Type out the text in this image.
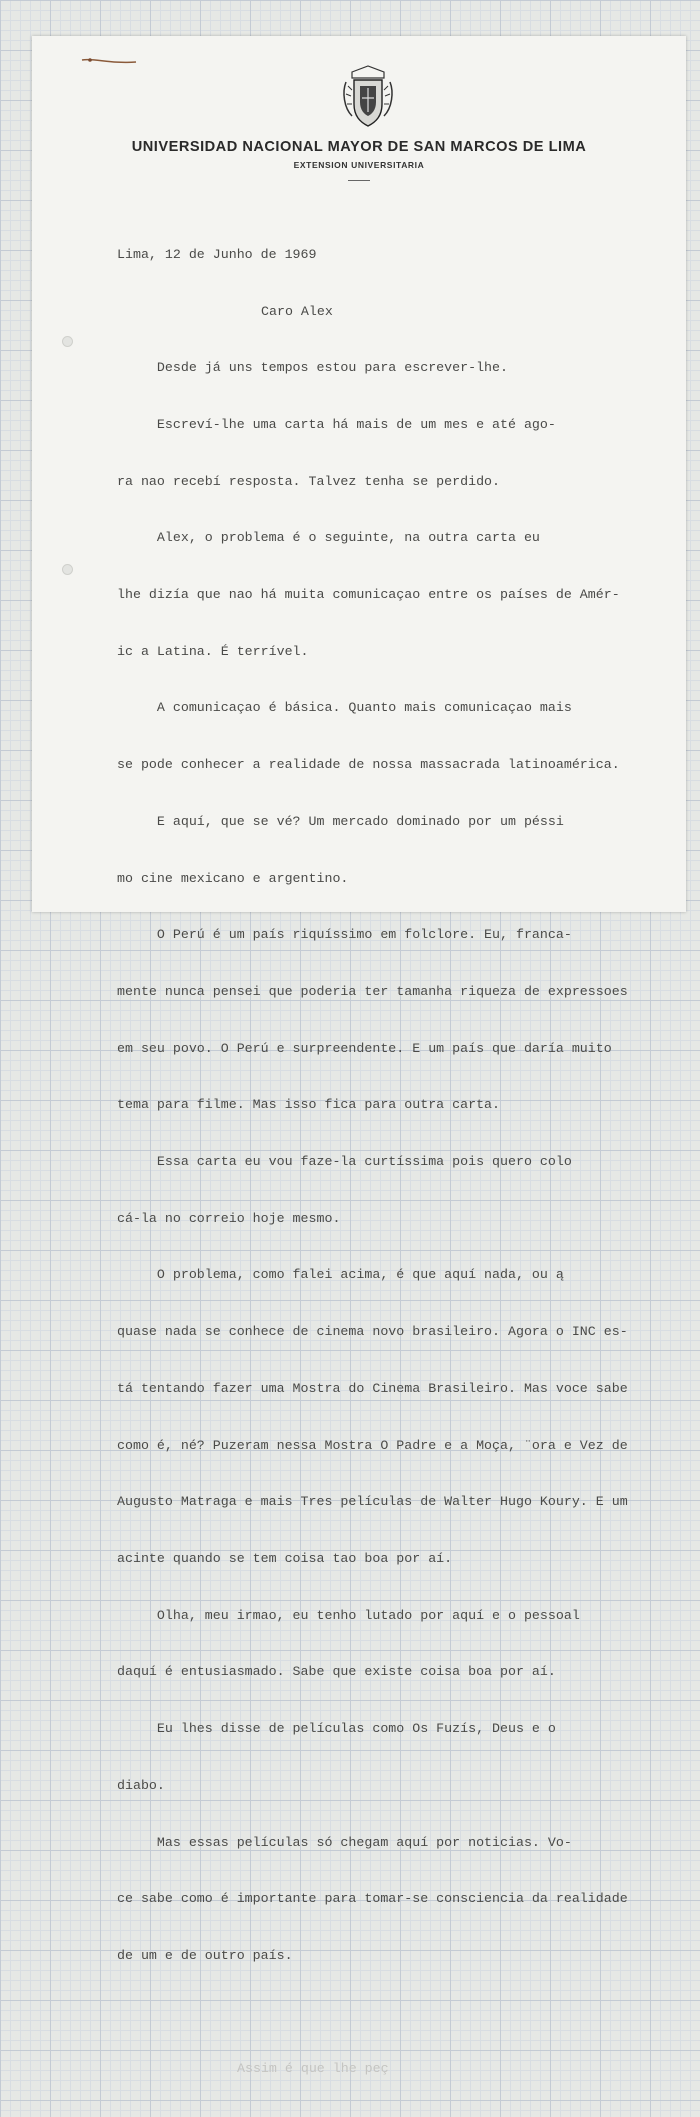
UNIVERSIDAD NACIONAL MAYOR DE SAN MARCOS DE LIMA
EXTENSION UNIVERSITARIA

Lima, 12 de Junho de 1969

Caro Alex

Desde já uns tempos estou para escrever-lhe.

Escreví-lhe uma carta há mais de um mes e até ago-

ra nao recebí resposta. Talvez tenha se perdido.

Alex, o problema é o seguinte, na outra carta eu

lhe dizía que nao há muita comunicaçao entre os países de Amér-

ic a Latina. É terrível.

A comunicaçao é básica. Quanto mais comunicaçao mais

se pode conhecer a realidade de nossa massacrada latinoamérica.

E aquí, que se vé? Um mercado dominado por um péssi

mo cine mexicano e argentino.

O Perú é um país riquíssimo em folclore. Eu, franca-

mente nunca pensei que poderia ter tamanha riqueza de expressoes

em seu povo. O Perú e surpreendente. E um país que daría muito

tema para filme. Mas isso fica para outra carta.

Essa carta eu vou faze-la curtíssima pois quero colo

cá-la no correio hoje mesmo.

O problema, como falei acima, é que aquí nada, ou ą

quase nada se conhece de cinema novo brasileiro. Agora o INC es-

tá tentando fazer uma Mostra do Cinema Brasileiro. Mas voce sabe

como é, né? Puzeram nessa Mostra O Padre e a Moça, ¨ora e Vez de

Augusto Matraga e mais Tres películas de Walter Hugo Koury. E um

acinte quando se tem coisa tao boa por aí.

Olha, meu irmao, eu tenho lutado por aquí e o pessoal

daquí é entusiasmado. Sabe que existe coisa boa por aí.

Eu lhes disse de películas como Os Fuzís, Deus e o

diabo.

Mas essas películas só chegam aquí por noticias. Vo-

ce sabe como é importante para tomar-se consciencia da realidade

de um e de outro país.

Assim é que lhe peç
